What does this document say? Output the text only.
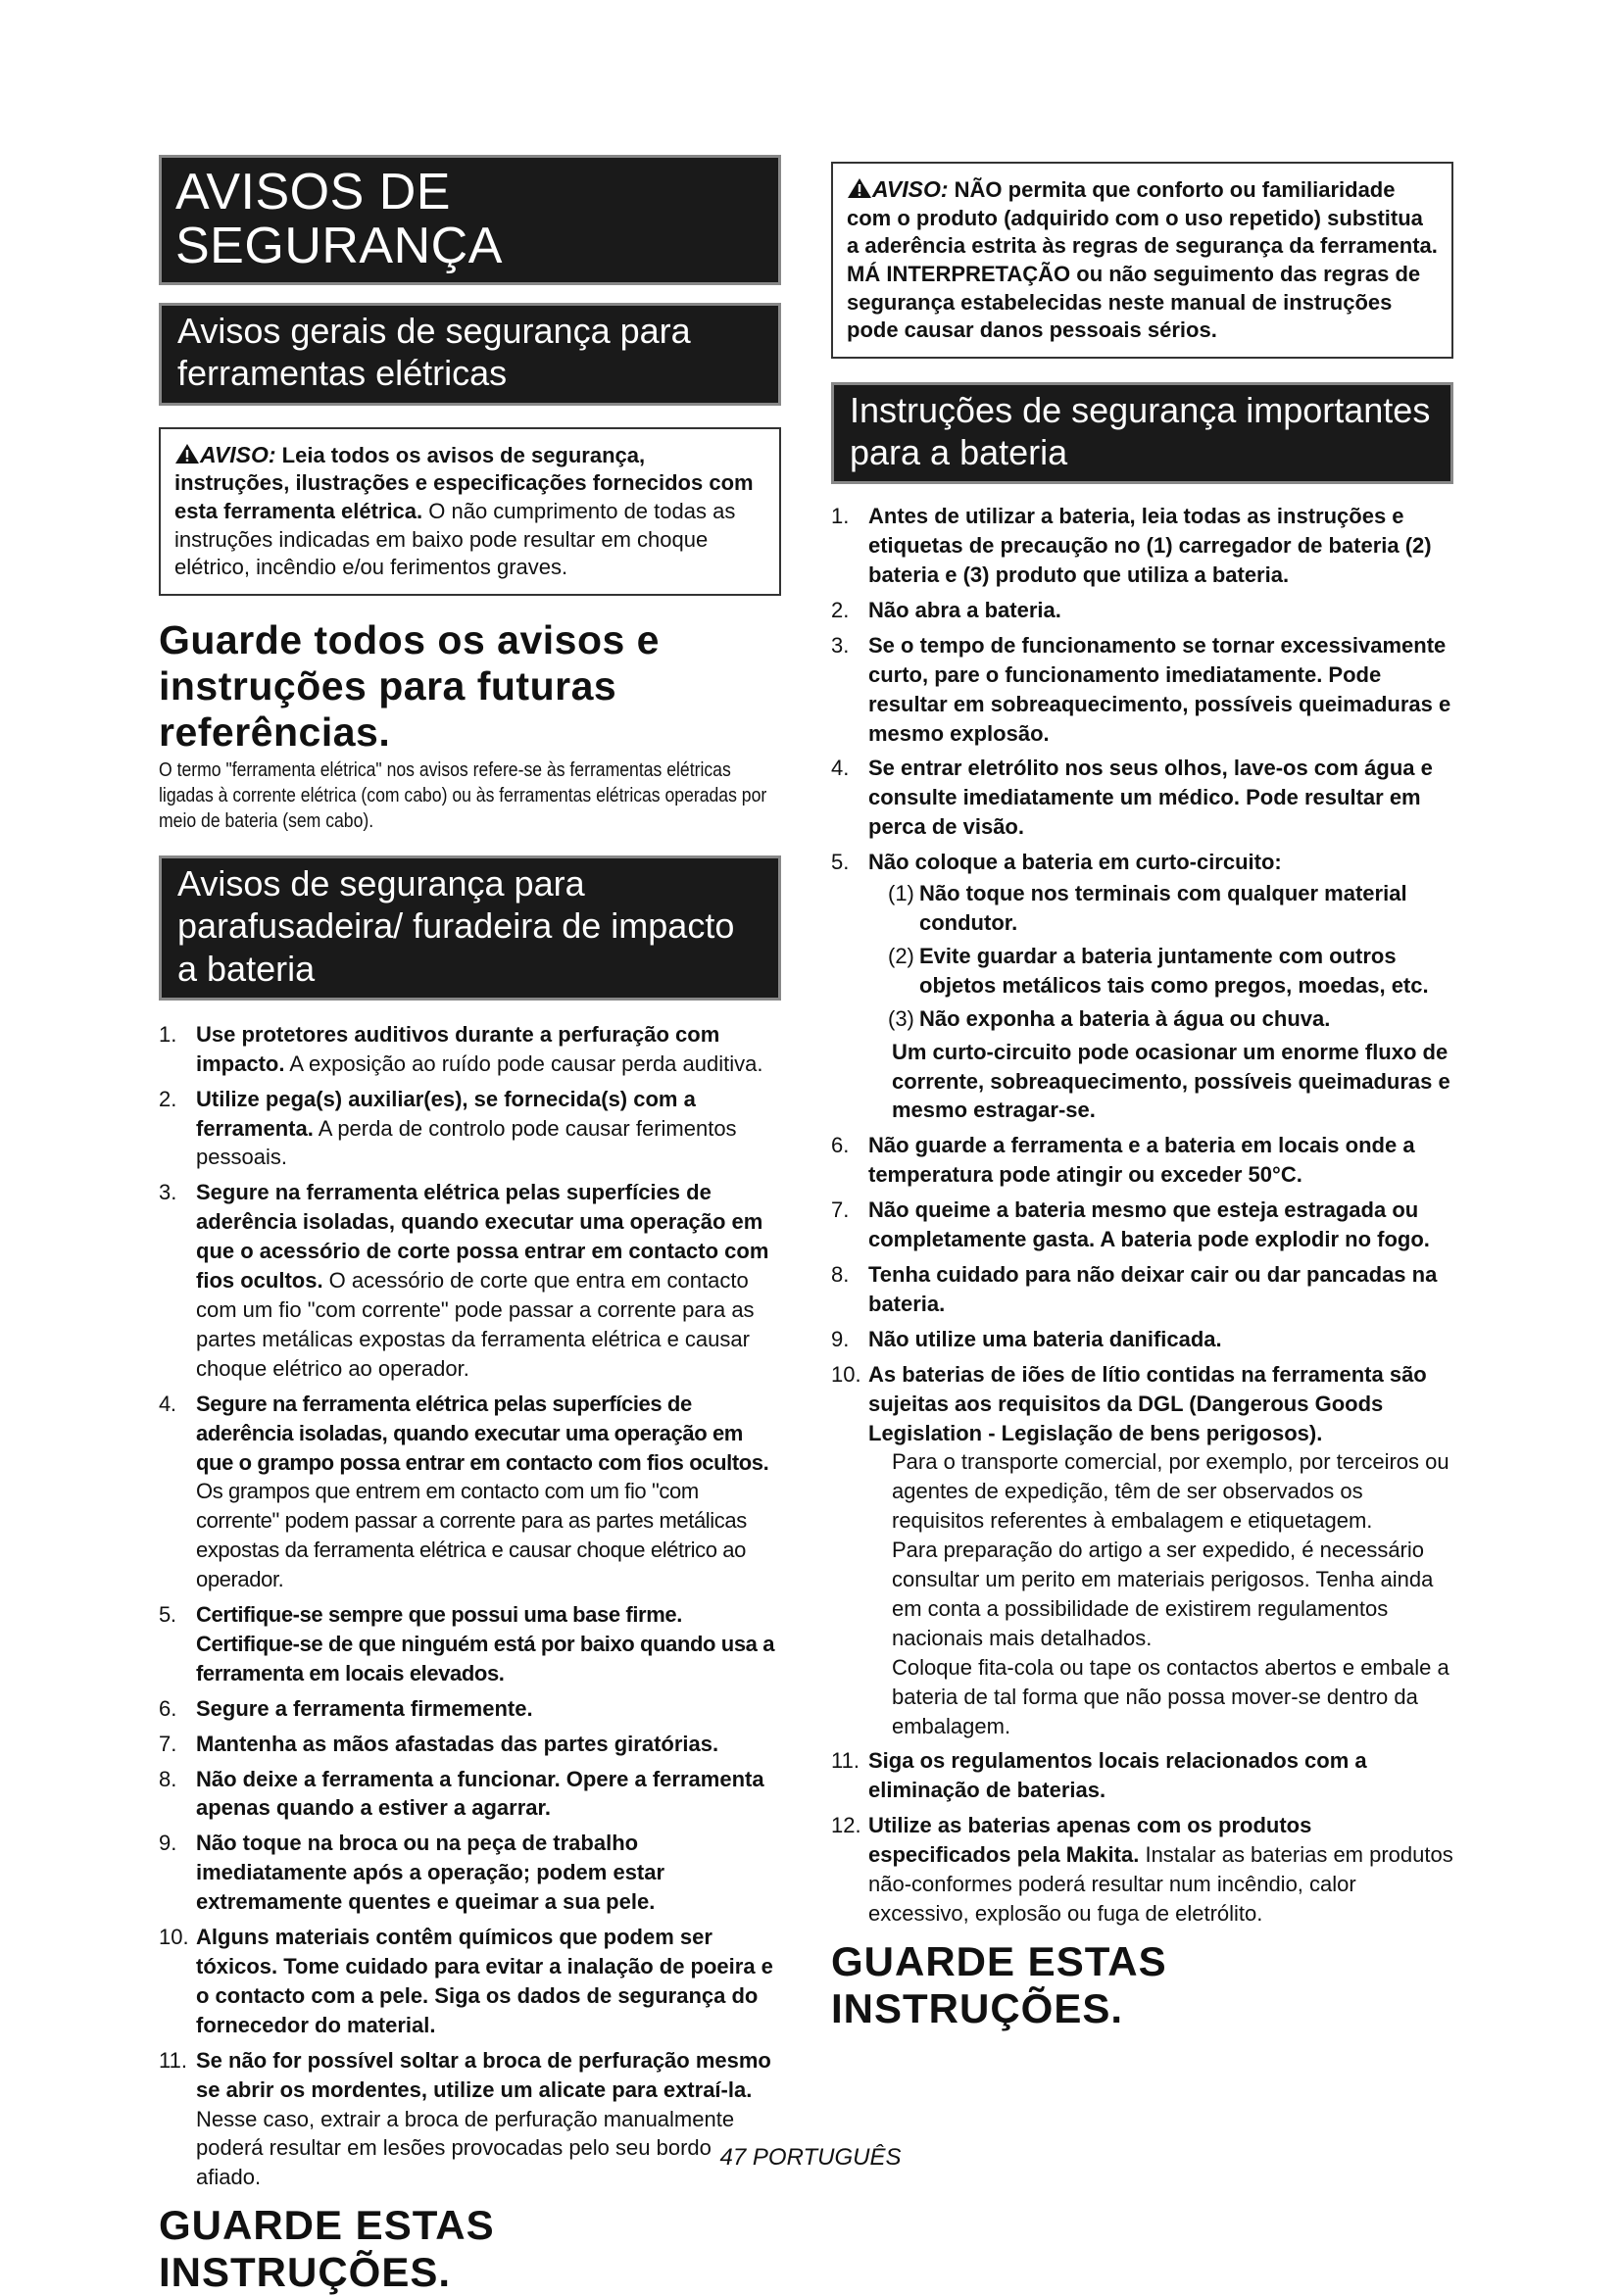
AVISOS DE SEGURANÇA
Avisos gerais de segurança para ferramentas elétricas
AVISO: Leia todos os avisos de segurança, instruções, ilustrações e especificações fornecidos com esta ferramenta elétrica. O não cumprimento de todas as instruções indicadas em baixo pode resultar em choque elétrico, incêndio e/ou ferimentos graves.
Guarde todos os avisos e instruções para futuras referências.
O termo "ferramenta elétrica" nos avisos refere-se às ferramentas elétricas ligadas à corrente elétrica (com cabo) ou às ferramentas elétricas operadas por meio de bateria (sem cabo).
Avisos de segurança para parafusadeira/ furadeira de impacto a bateria
1. Use protetores auditivos durante a perfuração com impacto. A exposição ao ruído pode causar perda auditiva.
2. Utilize pega(s) auxiliar(es), se fornecida(s) com a ferramenta. A perda de controlo pode causar ferimentos pessoais.
3. Segure na ferramenta elétrica pelas superfícies de aderência isoladas, quando executar uma operação em que o acessório de corte possa entrar em contacto com fios ocultos. O acessório de corte que entra em contacto com um fio "com corrente" pode passar a corrente para as partes metálicas expostas da ferramenta elétrica e causar choque elétrico ao operador.
4. Segure na ferramenta elétrica pelas superfícies de aderência isoladas, quando executar uma operação em que o grampo possa entrar em contacto com fios ocultos. Os grampos que entrem em contacto com um fio "com corrente" podem passar a corrente para as partes metálicas expostas da ferramenta elétrica e causar choque elétrico ao operador.
5. Certifique-se sempre que possui uma base firme. Certifique-se de que ninguém está por baixo quando usa a ferramenta em locais elevados.
6. Segure a ferramenta firmemente.
7. Mantenha as mãos afastadas das partes giratórias.
8. Não deixe a ferramenta a funcionar. Opere a ferramenta apenas quando a estiver a agarrar.
9. Não toque na broca ou na peça de trabalho imediatamente após a operação; podem estar extremamente quentes e queimar a sua pele.
10. Alguns materiais contêm químicos que podem ser tóxicos. Tome cuidado para evitar a inalação de poeira e o contacto com a pele. Siga os dados de segurança do fornecedor do material.
11. Se não for possível soltar a broca de perfuração mesmo se abrir os mordentes, utilize um alicate para extraí-la. Nesse caso, extrair a broca de perfuração manualmente poderá resultar em lesões provocadas pelo seu bordo afiado.
GUARDE ESTAS INSTRUÇÕES.
AVISO: NÃO permita que conforto ou familiaridade com o produto (adquirido com o uso repetido) substitua a aderência estrita às regras de segurança da ferramenta. MÁ INTERPRETAÇÃO ou não seguimento das regras de segurança estabelecidas neste manual de instruções pode causar danos pessoais sérios.
Instruções de segurança importantes para a bateria
1. Antes de utilizar a bateria, leia todas as instruções e etiquetas de precaução no (1) carregador de bateria (2) bateria e (3) produto que utiliza a bateria.
2. Não abra a bateria.
3. Se o tempo de funcionamento se tornar excessivamente curto, pare o funcionamento imediatamente. Pode resultar em sobreaquecimento, possíveis queimaduras e mesmo explosão.
4. Se entrar eletrólito nos seus olhos, lave-os com água e consulte imediatamente um médico. Pode resultar em perca de visão.
5. Não coloque a bateria em curto-circuito:
(1) Não toque nos terminais com qualquer material condutor.
(2) Evite guardar a bateria juntamente com outros objetos metálicos tais como pregos, moedas, etc.
(3) Não exponha a bateria à água ou chuva.
Um curto-circuito pode ocasionar um enorme fluxo de corrente, sobreaquecimento, possíveis queimaduras e mesmo estragar-se.
6. Não guarde a ferramenta e a bateria em locais onde a temperatura pode atingir ou exceder 50°C.
7. Não queime a bateria mesmo que esteja estragada ou completamente gasta. A bateria pode explodir no fogo.
8. Tenha cuidado para não deixar cair ou dar pancadas na bateria.
9. Não utilize uma bateria danificada.
10. As baterias de iões de lítio contidas na ferramenta são sujeitas aos requisitos da DGL (Dangerous Goods Legislation - Legislação de bens perigosos).
Para o transporte comercial, por exemplo, por terceiros ou agentes de expedição, têm de ser observados os requisitos referentes à embalagem e etiquetagem.
Para preparação do artigo a ser expedido, é necessário consultar um perito em materiais perigosos. Tenha ainda em conta a possibilidade de existirem regulamentos nacionais mais detalhados.
Coloque fita-cola ou tape os contactos abertos e embale a bateria de tal forma que não possa mover-se dentro da embalagem.
11. Siga os regulamentos locais relacionados com a eliminação de baterias.
12. Utilize as baterias apenas com os produtos especificados pela Makita. Instalar as baterias em produtos não-conformes poderá resultar num incêndio, calor excessivo, explosão ou fuga de eletrólito.
GUARDE ESTAS INSTRUÇÕES.
47 PORTUGUÊS
